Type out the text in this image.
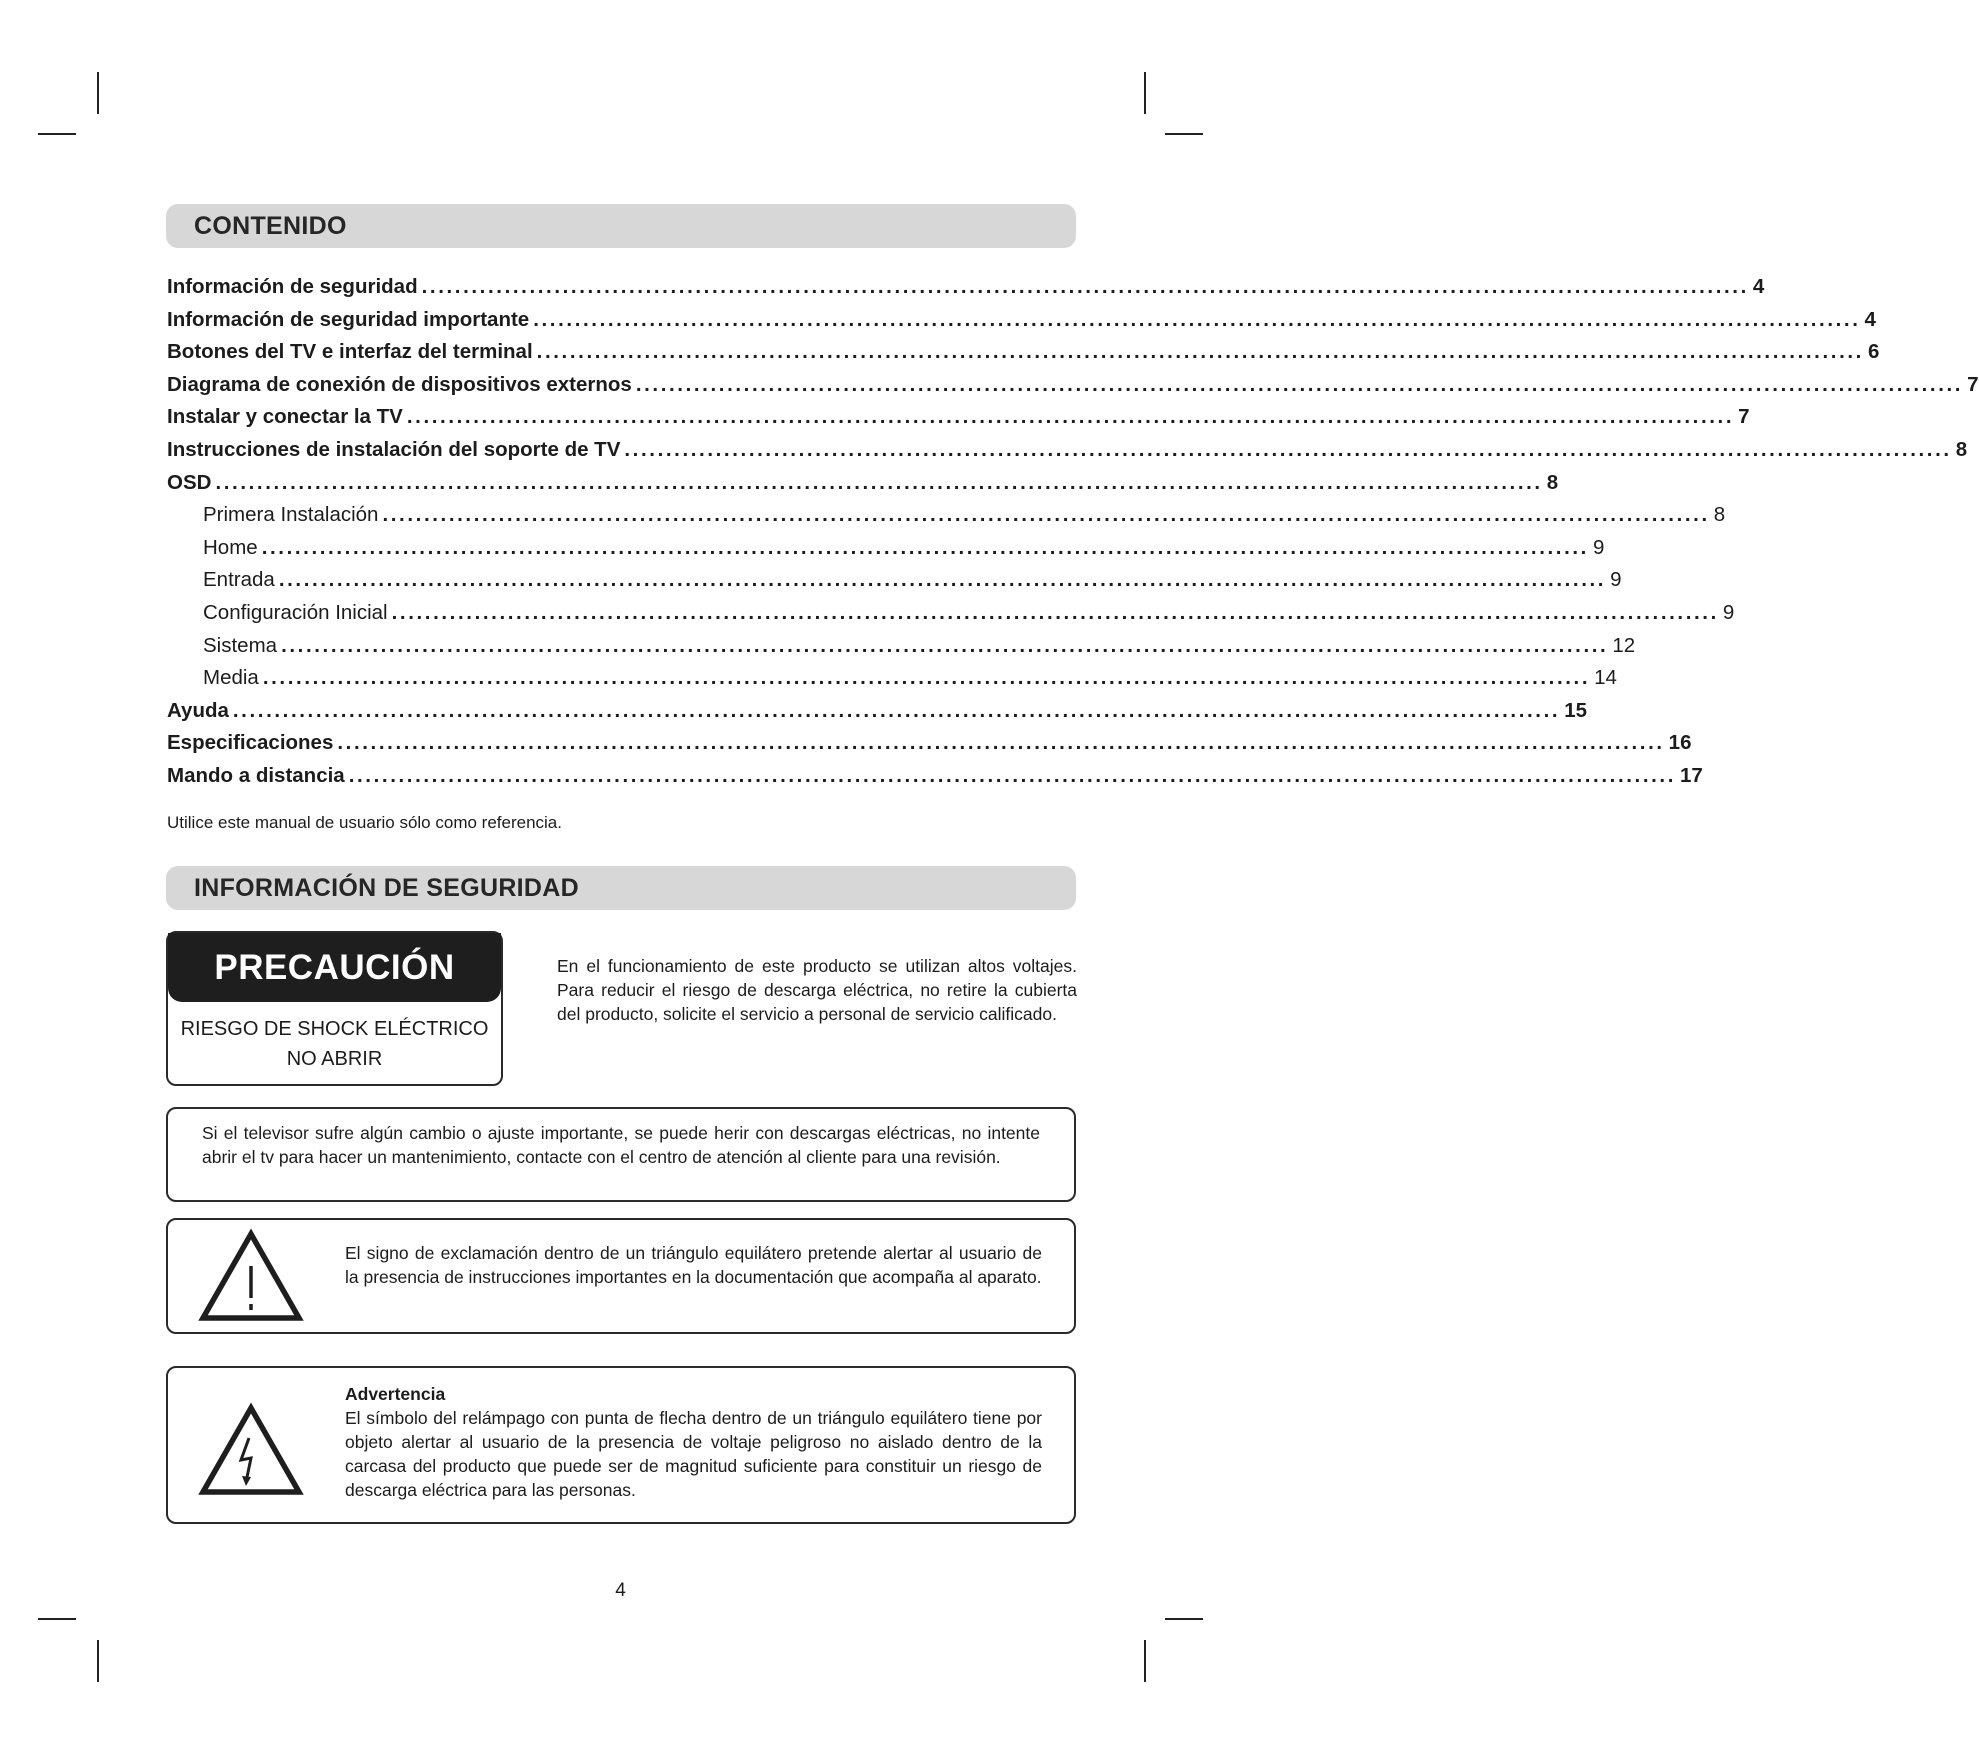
CONTENIDO
Información de seguridad ................................................................................................................................................................ 4
Información de seguridad importante ................................................................................................................................................................ 4
Botones del TV e interfaz del terminal ................................................................................................................................................................ 6
Diagrama de conexión de dispositivos externos ................................................................................................................................................................ 7
Instalar y conectar la TV ................................................................................................................................................................ 7
Instrucciones de instalación del soporte de TV ................................................................................................................................................................ 8
OSD ................................................................................................................................................................ 8
Primera Instalación ................................................................................................................................................................ 8
Home ................................................................................................................................................................ 9
Entrada ................................................................................................................................................................ 9
Configuración Inicial ................................................................................................................................................................ 9
Sistema ................................................................................................................................................................ 12
Media ................................................................................................................................................................ 14
Ayuda ................................................................................................................................................................ 15
Especificaciones ................................................................................................................................................................ 16
Mando a distancia ................................................................................................................................................................ 17
Utilice este manual de usuario sólo como referencia.
INFORMACIÓN DE SEGURIDAD
PRECAUCIÓN
RIESGO DE SHOCK ELÉCTRICO
NO ABRIR
En el funcionamiento de este producto se utilizan altos voltajes. Para reducir el riesgo de descarga eléctrica, no retire la cubierta del producto, solicite el servicio a personal de servicio calificado.
Si el televisor sufre algún cambio o ajuste importante, se puede herir con descargas eléctricas, no intente abrir el tv para hacer un mantenimiento, contacte con el centro de atención al cliente para una revisión.
El signo de exclamación dentro de un triángulo equilátero pretende alertar al usuario de la presencia de instrucciones importantes en la documentación que acompaña al aparato.
Advertencia
El símbolo del relámpago con punta de flecha dentro de un triángulo equilátero tiene por objeto alertar al usuario de la presencia de voltaje peligroso no aislado dentro de la carcasa del producto que puede ser de magnitud suficiente para constituir un riesgo de descarga eléctrica para las personas.
4
